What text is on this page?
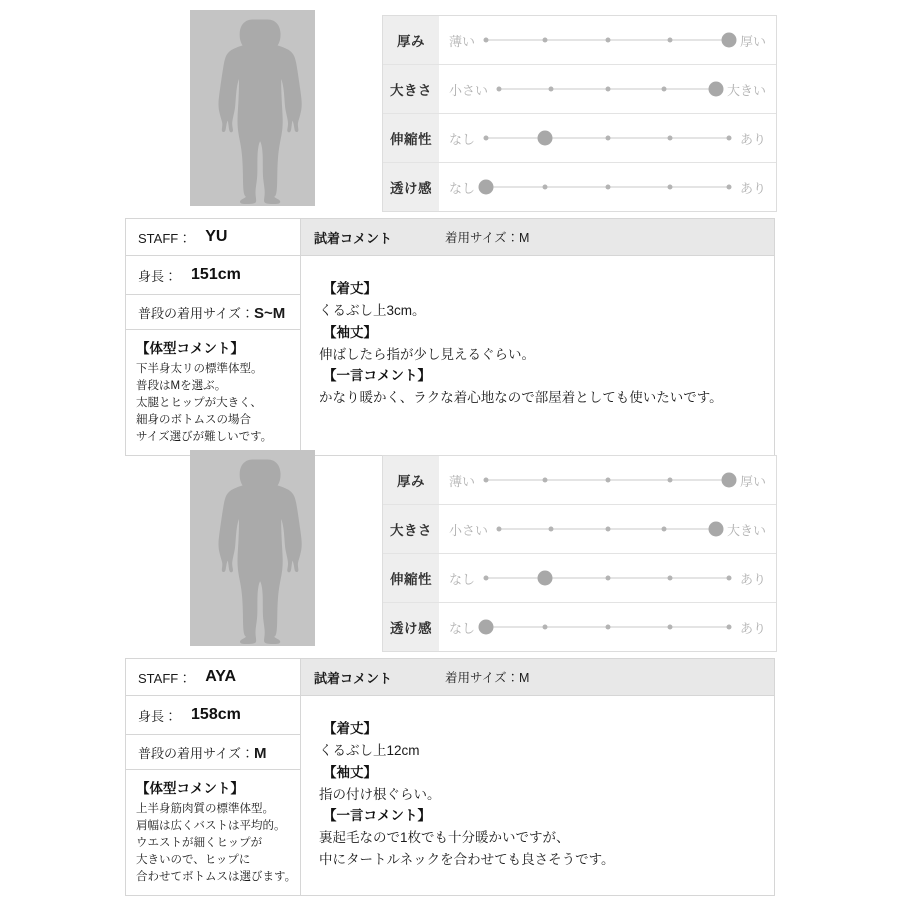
厚み	薄い	厚い
大きさ	小さい	大きい
伸縮性	なし	あり
透け感	なし	あり
STAFF： YU
身長： 151cm
普段の着用サイズ：S~M
【体型コメント】
下半身太リの標準体型。
普段はMを選ぶ。
太腿とヒップが大きく、
細身のボトムスの場合
サイズ選びが難しいです。
試着コメント	着用サイズ：M
【着丈】
くるぶし上3cm。
【袖丈】
伸ばしたら指が少し見えるぐらい。
【一言コメント】
かなり暖かく、ラクな着心地なので部屋着としても使いたいです。
厚み	薄い	厚い
大きさ	小さい	大きい
伸縮性	なし	あり
透け感	なし	あり
STAFF： AYA
身長： 158cm
普段の着用サイズ：M
【体型コメント】
上半身筋肉質の標準体型。
肩幅は広くバストは平均的。
ウエストが細くヒップが
大きいので、ヒップに
合わせてボトムスは選びます。
試着コメント	着用サイズ：M
【着丈】
くるぶし上12cm
【袖丈】
指の付け根ぐらい。
【一言コメント】
裏起毛なので1枚でも十分暖かいですが、
中にタートルネックを合わせても良さそうです。
